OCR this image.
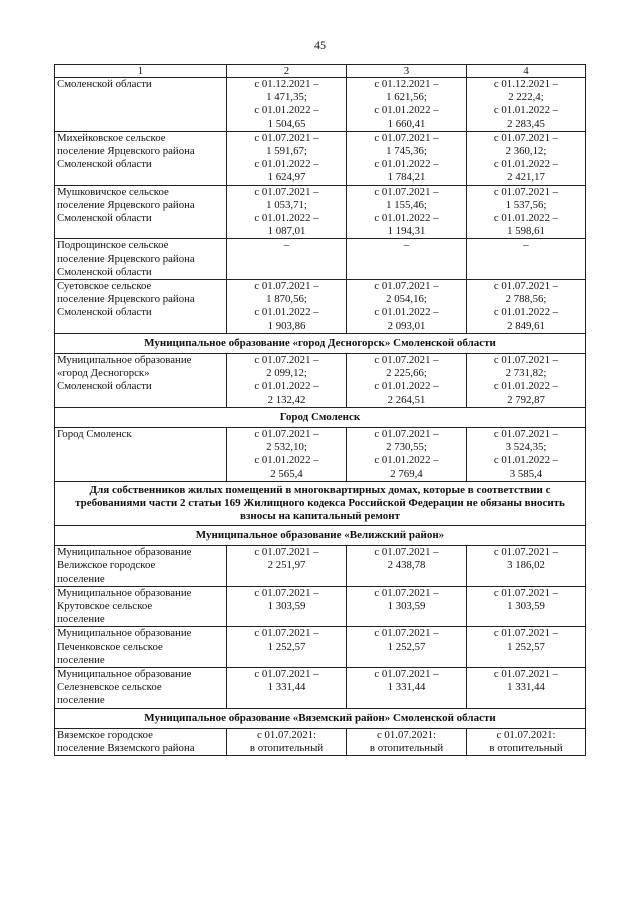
45
1	2	3	4

Смоленской области	с 01.12.2021 –
1 471,35;
с 01.01.2022 –
1 504,65	с 01.12.2021 –
1 621,56;
с 01.01.2022 –
1 660,41	с 01.12.2021 –
2 222,4;
с 01.01.2022 –
2 283,45

Михейковское сельское
поселение Ярцевского района
Смоленской области	с 01.07.2021 –
1 591,67;
с 01.01.2022 –
1 624,97	с 01.07.2021 –
1 745,36;
с 01.01.2022 –
1 784,21	с 01.07.2021 –
2 360,12;
с 01.01.2022 –
2 421,17

Мушковичское сельское
поселение Ярцевского района
Смоленской области	с 01.07.2021 –
1 053,71;
с 01.01.2022 –
1 087,01	с 01.07.2021 –
1 155,46;
с 01.01.2022 –
1 194,31	с 01.07.2021 –
1 537,56;
с 01.01.2022 –
1 598,61

Подрощинское сельское
поселение Ярцевского района
Смоленской области	–	–	–

Суетовское сельское
поселение Ярцевского района
Смоленской области	с 01.07.2021 –
1 870,56;
с 01.01.2022 –
1 903,86	с 01.07.2021 –
2 054,16;
с 01.01.2022 –
2 093,01	с 01.07.2021 –
2 788,56;
с 01.01.2022 –
2 849,61

Муниципальное образование «город Десногорск» Смоленской области			

Муниципальное образование
«город Десногорск»
Смоленской области	с 01.07.2021 –
2 099,12;
с 01.01.2022 –
2 132,42	с 01.07.2021 –
2 225,66;
с 01.01.2022 –
2 264,51	с 01.07.2021 –
2 731,82;
с 01.01.2022 –
2 792,87

Город Смоленск			

Город Смоленск	с 01.07.2021 –
2 532,10;
с 01.01.2022 –
2 565,4	с 01.07.2021 –
2 730,55;
с 01.01.2022 –
2 769,4	с 01.07.2021 –
3 524,35;
с 01.01.2022 –
3 585,4

Для собственников жилых помещений в многоквартирных домах, которые в соответствии с требованиями части 2 статьи 169 Жилищного кодекса Российской Федерации не обязаны вносить взносы на капитальный ремонт			
Муниципальное образование «Велижский район»			

Муниципальное образование
Велижское городское
поселение	с 01.07.2021 –
2 251,97	с 01.07.2021 –
2 438,78	с 01.07.2021 –
3 186,02

Муниципальное образование
Крутовское сельское
поселение	с 01.07.2021 –
1 303,59	с 01.07.2021 –
1 303,59	с 01.07.2021 –
1 303,59

Муниципальное образование
Печенковское сельское
поселение	с 01.07.2021 –
1 252,57	с 01.07.2021 –
1 252,57	с 01.07.2021 –
1 252,57

Муниципальное образование
Селезневское сельское
поселение	с 01.07.2021 –
1 331,44	с 01.07.2021 –
1 331,44	с 01.07.2021 –
1 331,44

Муниципальное образование «Вяземский район» Смоленской области			

Вяземское городское
поселение Вяземского района	с 01.07.2021:
в отопительный	с 01.07.2021:
в отопительный	с 01.07.2021:
в отопительный
